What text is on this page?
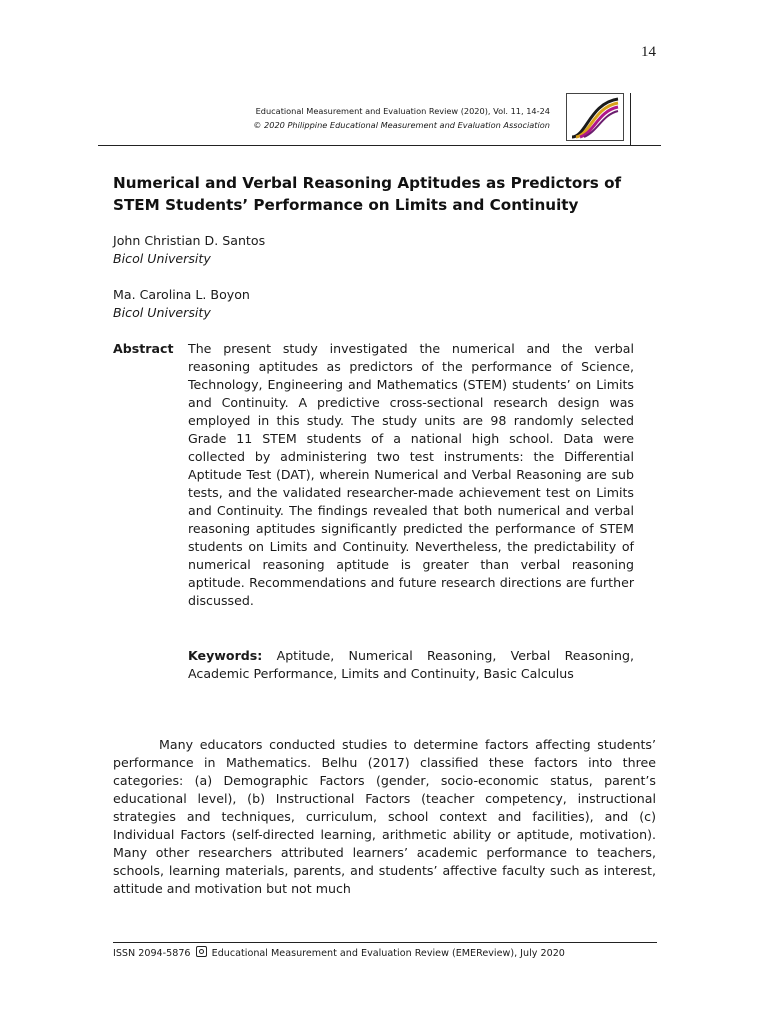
14
Educational Measurement and Evaluation Review (2020), Vol. 11, 14-24
© 2020 Philippine Educational Measurement and Evaluation Association
Numerical and Verbal Reasoning Aptitudes as Predictors of STEM Students’ Performance on Limits and Continuity
John Christian D. Santos
Bicol University
Ma. Carolina L. Boyon
Bicol University
Abstract The present study investigated the numerical and the verbal reasoning aptitudes as predictors of the performance of Science, Technology, Engineering and Mathematics (STEM) students’ on Limits and Continuity. A predictive cross-sectional research design was employed in this study. The study units are 98 randomly selected Grade 11 STEM students of a national high school. Data were collected by administering two test instruments: the Differential Aptitude Test (DAT), wherein Numerical and Verbal Reasoning are sub tests, and the validated researcher-made achievement test on Limits and Continuity. The findings revealed that both numerical and verbal reasoning aptitudes significantly predicted the performance of STEM students on Limits and Continuity. Nevertheless, the predictability of numerical reasoning aptitude is greater than verbal reasoning aptitude. Recommendations and future research directions are further discussed.

Keywords: Aptitude, Numerical Reasoning, Verbal Reasoning, Academic Performance, Limits and Continuity, Basic Calculus

Many educators conducted studies to determine factors affecting students’ performance in Mathematics. Belhu (2017) classified these factors into three categories: (a) Demographic Factors (gender, socio-economic status, parent’s educational level), (b) Instructional Factors (teacher competency, instructional strategies and techniques, curriculum, school context and facilities), and (c) Individual Factors (self-directed learning, arithmetic ability or aptitude, motivation). Many other researchers attributed learners’ academic performance to teachers, schools, learning materials, parents, and students’ affective faculty such as interest, attitude and motivation but not much

ISSN 2094-5876 Educational Measurement and Evaluation Review (EMEReview), July 2020
